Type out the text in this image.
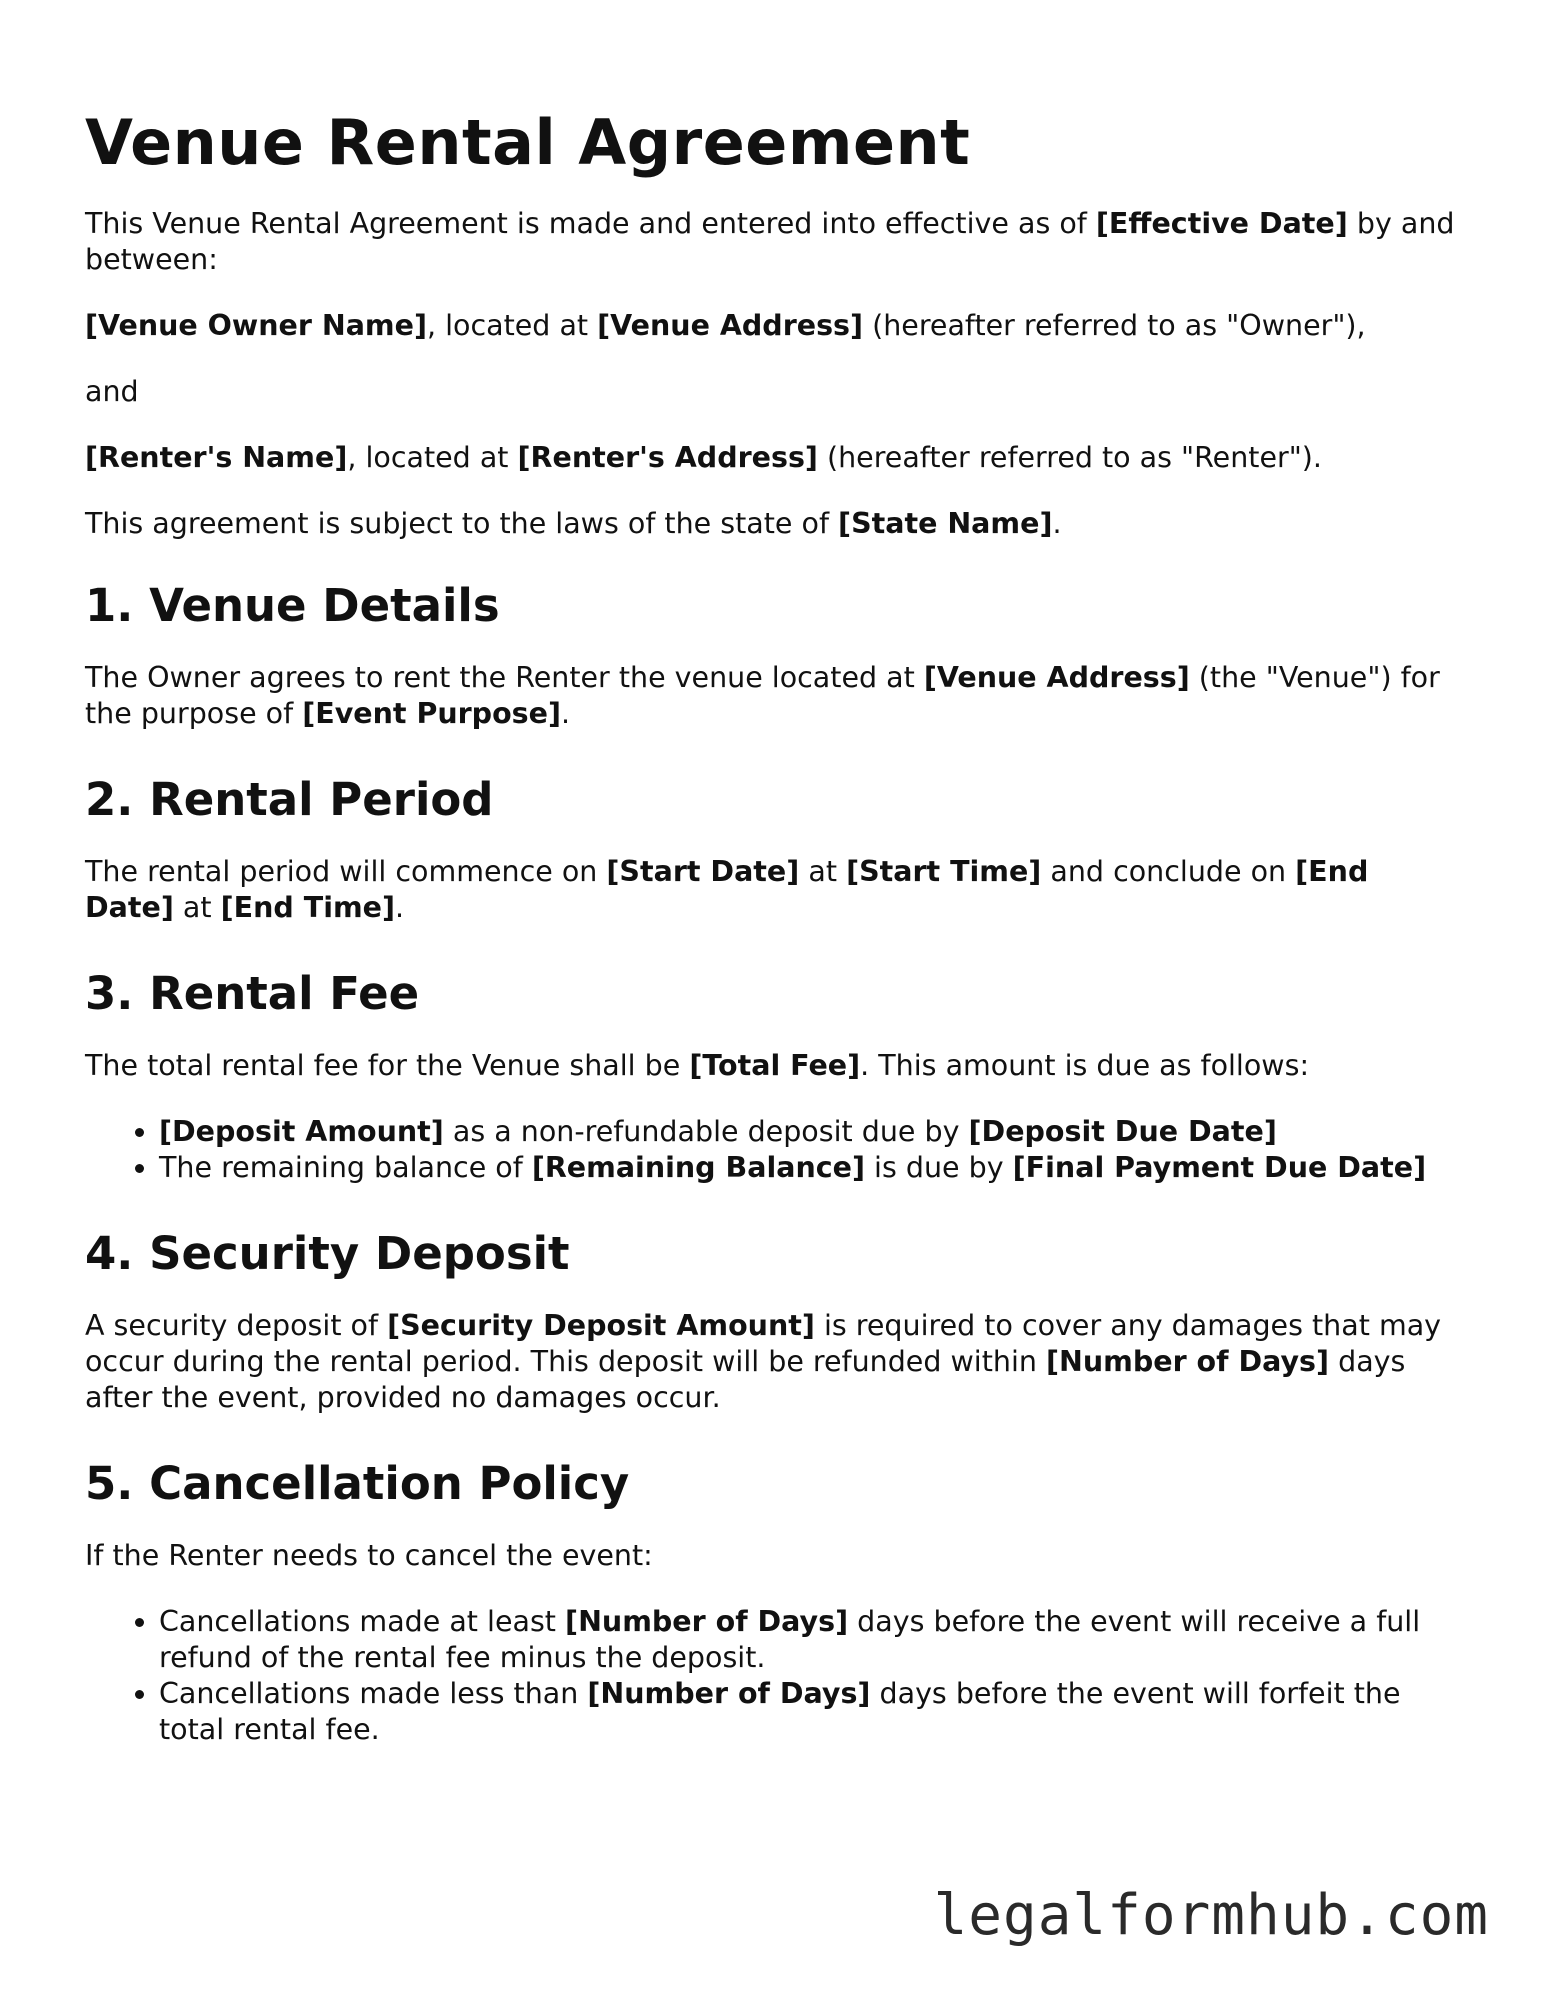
Venue Rental Agreement

This Venue Rental Agreement is made and entered into effective as of [Effective Date] by and between:

[Venue Owner Name], located at [Venue Address] (hereafter referred to as "Owner"),

and

[Renter's Name], located at [Renter's Address] (hereafter referred to as "Renter").

This agreement is subject to the laws of the state of [State Name].

1. Venue Details

The Owner agrees to rent the Renter the venue located at [Venue Address] (the "Venue") for the purpose of [Event Purpose].

2. Rental Period

The rental period will commence on [Start Date] at [Start Time] and conclude on [End Date] at [End Time].

3. Rental Fee

The total rental fee for the Venue shall be [Total Fee]. This amount is due as follows:

• [Deposit Amount] as a non-refundable deposit due by [Deposit Due Date]
• The remaining balance of [Remaining Balance] is due by [Final Payment Due Date]
4. Security Deposit

A security deposit of [Security Deposit Amount] is required to cover any damages that may occur during the rental period. This deposit will be refunded within [Number of Days] days after the event, provided no damages occur.

5. Cancellation Policy

If the Renter needs to cancel the event:

• Cancellations made at least [Number of Days] days before the event will receive a full refund of the rental fee minus the deposit.
• Cancellations made less than [Number of Days] days before the event will forfeit the total rental fee.
legalformhub.com
